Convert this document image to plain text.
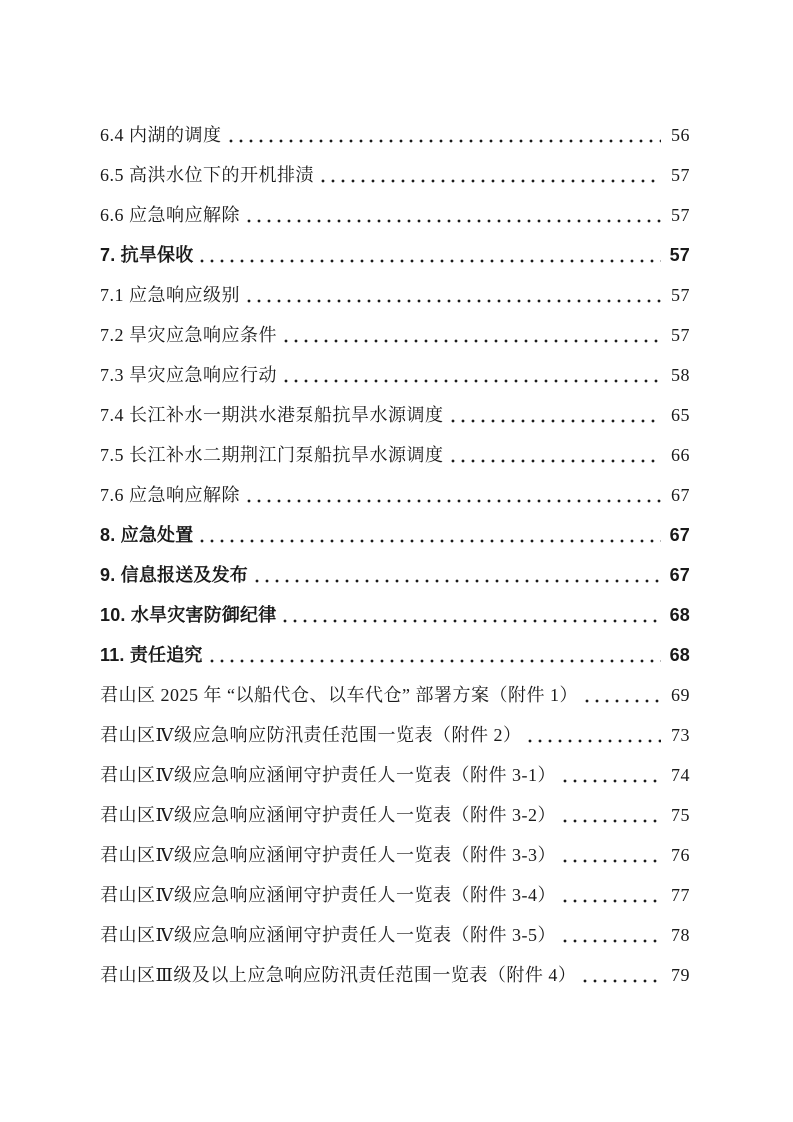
6.4 内湖的调度	56
6.5 高洪水位下的开机排渍	57
6.6 应急响应解除	57
7. 抗旱保收	57
7.1 应急响应级别	57
7.2 旱灾应急响应条件	57
7.3 旱灾应急响应行动	58
7.4 长江补水一期洪水港泵船抗旱水源调度	65
7.5 长江补水二期荆江门泵船抗旱水源调度	66
7.6 应急响应解除	67
8. 应急处置	67
9. 信息报送及发布	67
10. 水旱灾害防御纪律	68
11. 责任追究	68
君山区 2025 年 “以船代仓、以车代仓” 部署方案（附件 1）	69
君山区Ⅳ级应急响应防汛责任范围一览表（附件 2）	73
君山区Ⅳ级应急响应涵闸守护责任人一览表（附件 3-1）	74
君山区Ⅳ级应急响应涵闸守护责任人一览表（附件 3-2）	75
君山区Ⅳ级应急响应涵闸守护责任人一览表（附件 3-3）	76
君山区Ⅳ级应急响应涵闸守护责任人一览表（附件 3-4）	77
君山区Ⅳ级应急响应涵闸守护责任人一览表（附件 3-5）	78
君山区Ⅲ级及以上应急响应防汛责任范围一览表（附件 4）	79
